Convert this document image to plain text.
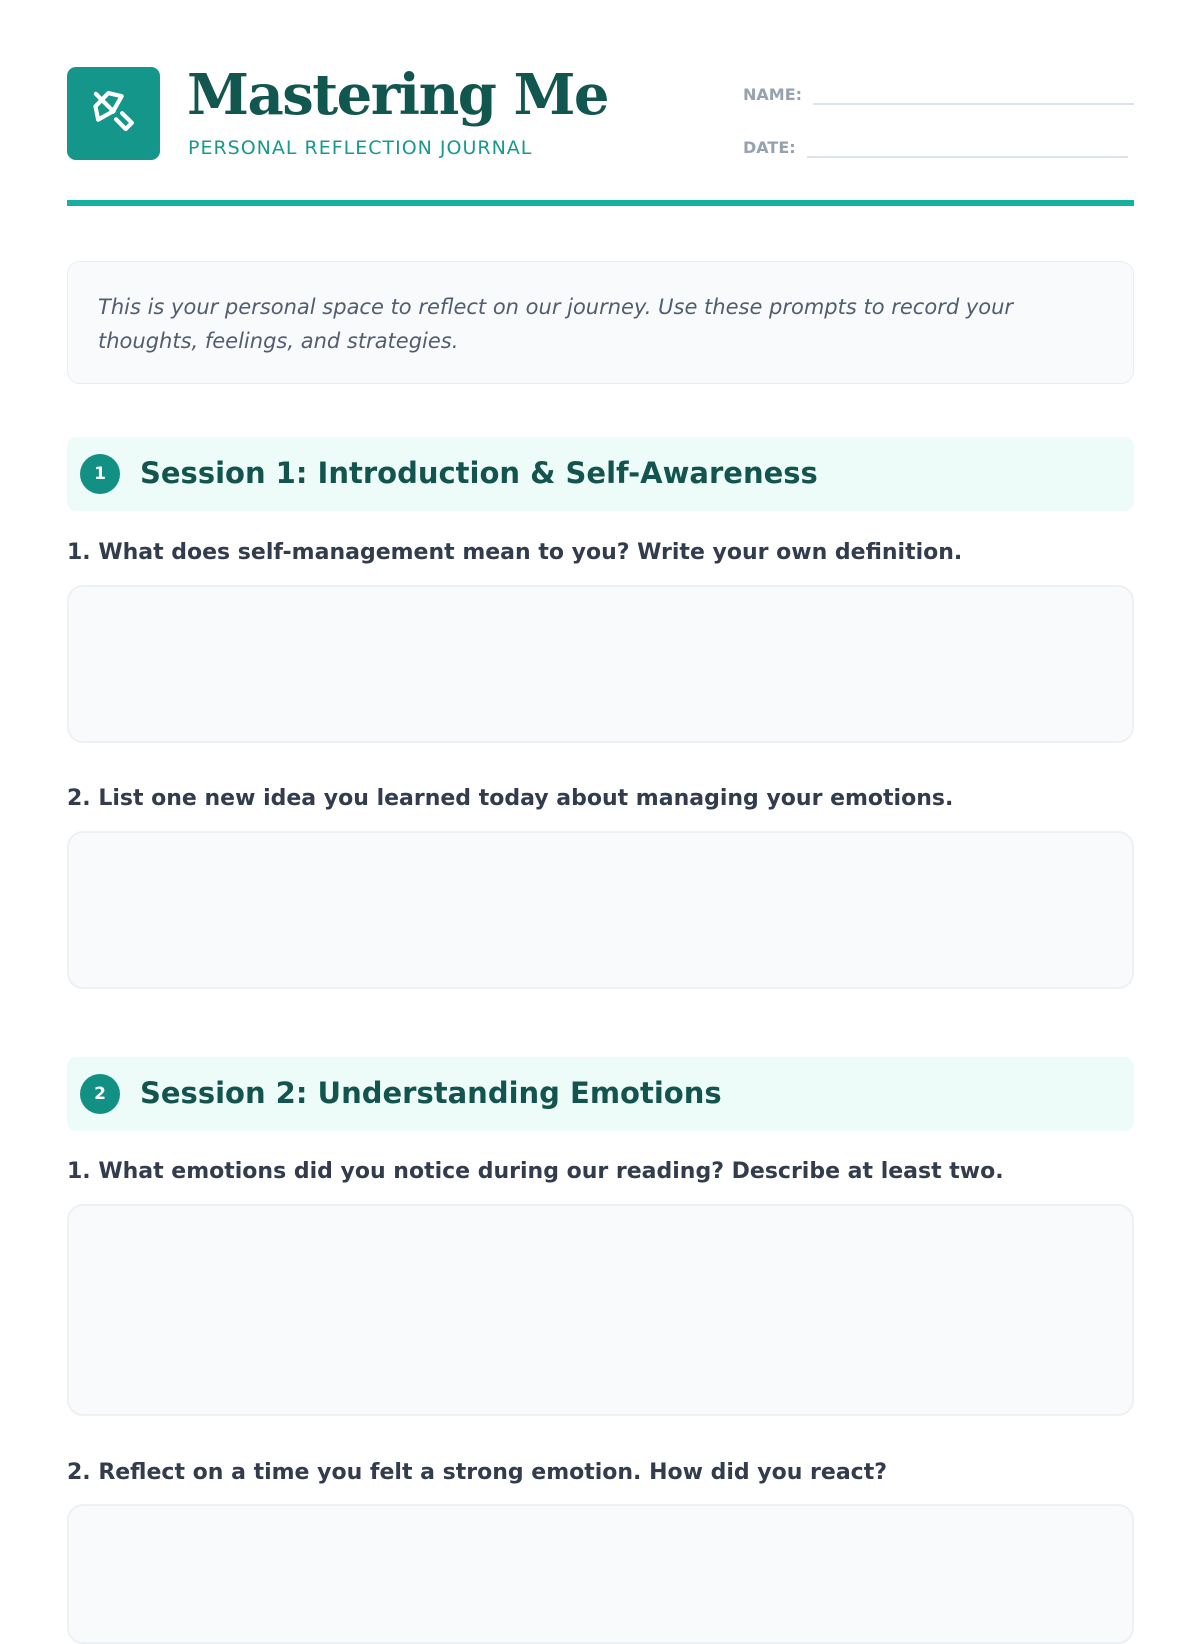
Mastering Me
PERSONAL REFLECTION JOURNAL
NAME:
DATE:

This is your personal space to reflect on our journey. Use these prompts to record your thoughts, feelings, and strategies.

1	Session 1: Introduction & Self-Awareness
1. What does self-management mean to you? Write your own definition.
2. List one new idea you learned today about managing your emotions.
2	Session 2: Understanding Emotions
1. What emotions did you notice during our reading? Describe at least two.
2. Reflect on a time you felt a strong emotion. How did you react?
